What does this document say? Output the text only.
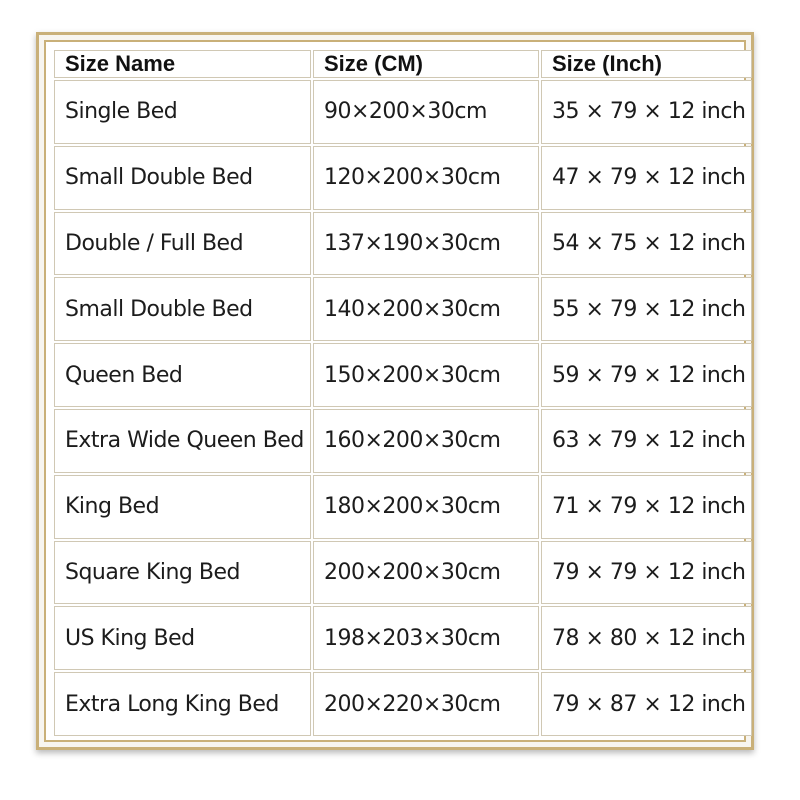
Size Name	Size (CM)	Size (Inch)
Single Bed	90×200×30cm	35 × 79 × 12 inch
Small Double Bed	120×200×30cm	47 × 79 × 12 inch
Double / Full Bed	137×190×30cm	54 × 75 × 12 inch
Small Double Bed	140×200×30cm	55 × 79 × 12 inch
Queen Bed	150×200×30cm	59 × 79 × 12 inch
Extra Wide Queen Bed	160×200×30cm	63 × 79 × 12 inch
King Bed	180×200×30cm	71 × 79 × 12 inch
Square King Bed	200×200×30cm	79 × 79 × 12 inch
US King Bed	198×203×30cm	78 × 80 × 12 inch
Extra Long King Bed	200×220×30cm	79 × 87 × 12 inch
